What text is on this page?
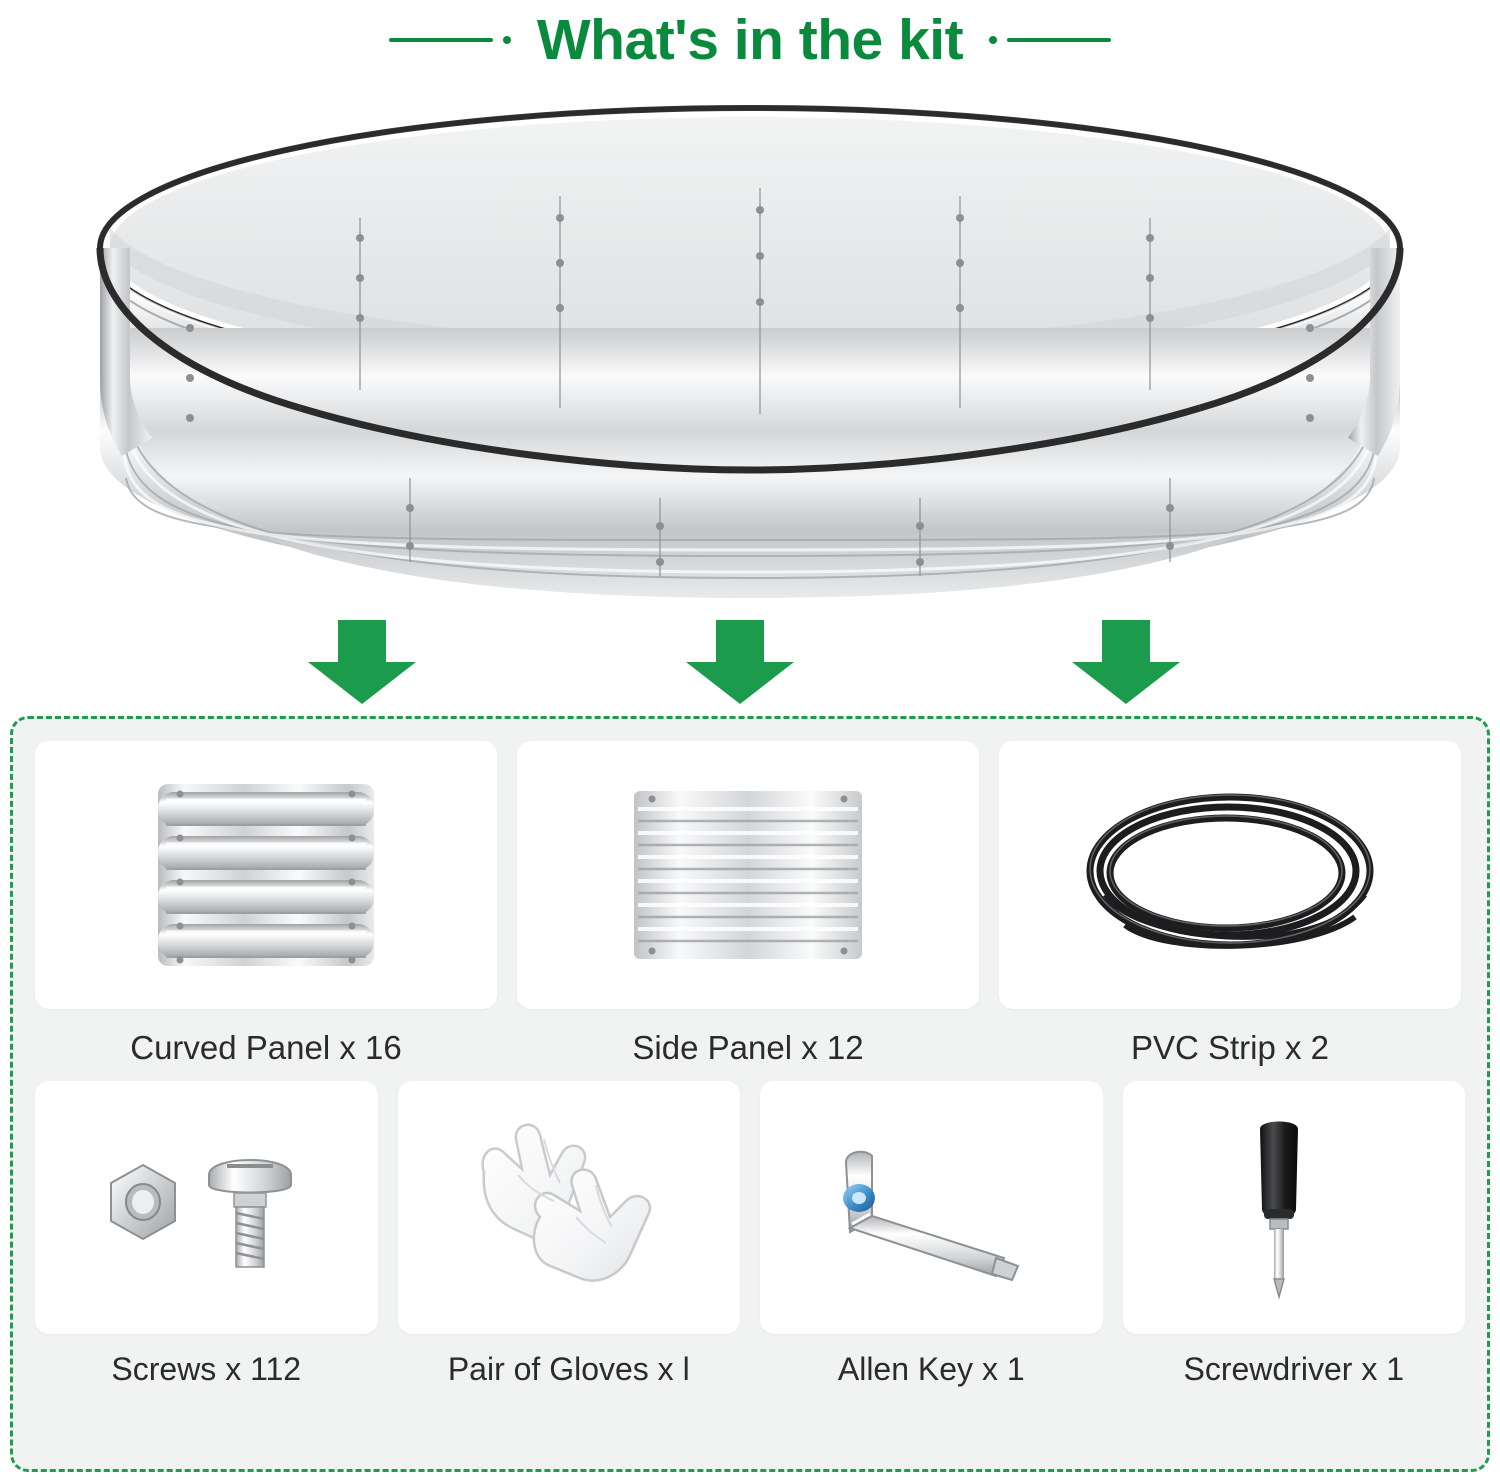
What's in the kit
Curved Panel x 16	Side Panel x 12	PVC Strip x 2
Screws x 112	Pair of Gloves x l	Allen Key x 1	Screwdriver x 1
